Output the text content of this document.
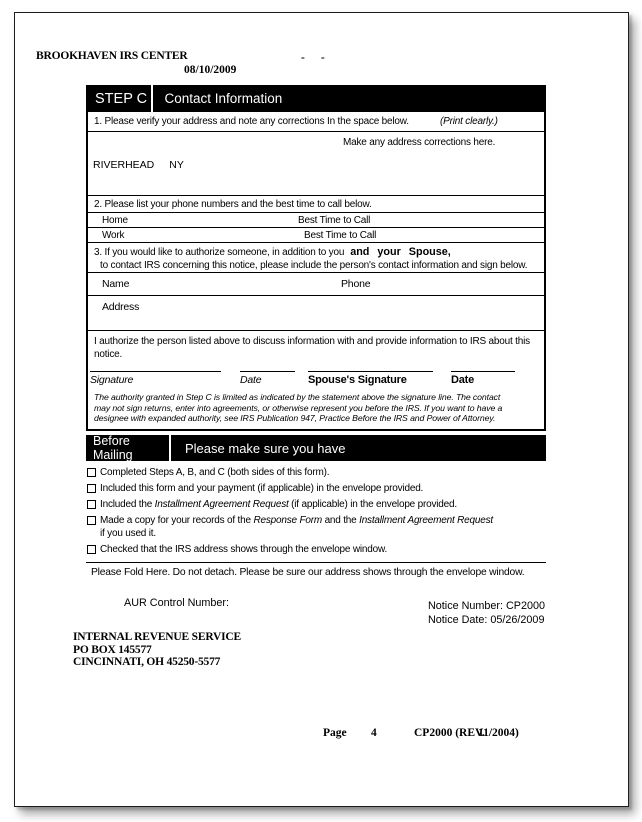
BROOKHAVEN IRS CENTER	- -
08/10/2009
STEP C Contact Information
1. Please verify your address and note any corrections In the space below.	(Print clearly.)
Make any address corrections here.
RIVERHEAD NY
2. Please list your phone numbers and the best time to call below.
Home	Best Time to Call
Work	Best Time to Call
3. If you would like to authorize someone, in addition to you and your Spouse,
to contact IRS concerning this notice, please include the person's contact information and sign below.
Name	Phone
Address
I authorize the person listed above to discuss information with and provide information to IRS about this notice.
Signature	Date	Spouse's Signature	Date
The authority granted in Step C is limited as indicated by the statement above the signature line. The contact may not sign returns, enter into agreements, or otherwise represent you before the IRS. If you want to have a designee with expanded authority, see IRS Publication 947, Practice Before the IRS and Power of Attorney.
Before Mailing	Please make sure you have
Completed Steps A, B, and C (both sides of this form).
Included this form and your payment (if applicable) in the envelope provided.
Included the Installment Agreement Request (if applicable) in the envelope provided.
Made a copy for your records of the Response Form and the Installment Agreement Request
if you used it.
Checked that the IRS address shows through the envelope window.
Please Fold Here. Do not detach. Please be sure our address shows through the envelope window.
AUR Control Number:	Notice Number: CP2000
Notice Date: 05/26/2009
INTERNAL REVENUE SERVICE
PO BOX 145577
CINCINNATI, OH 45250-5577
Page 4	CP2000 (REV.
11/2004)
